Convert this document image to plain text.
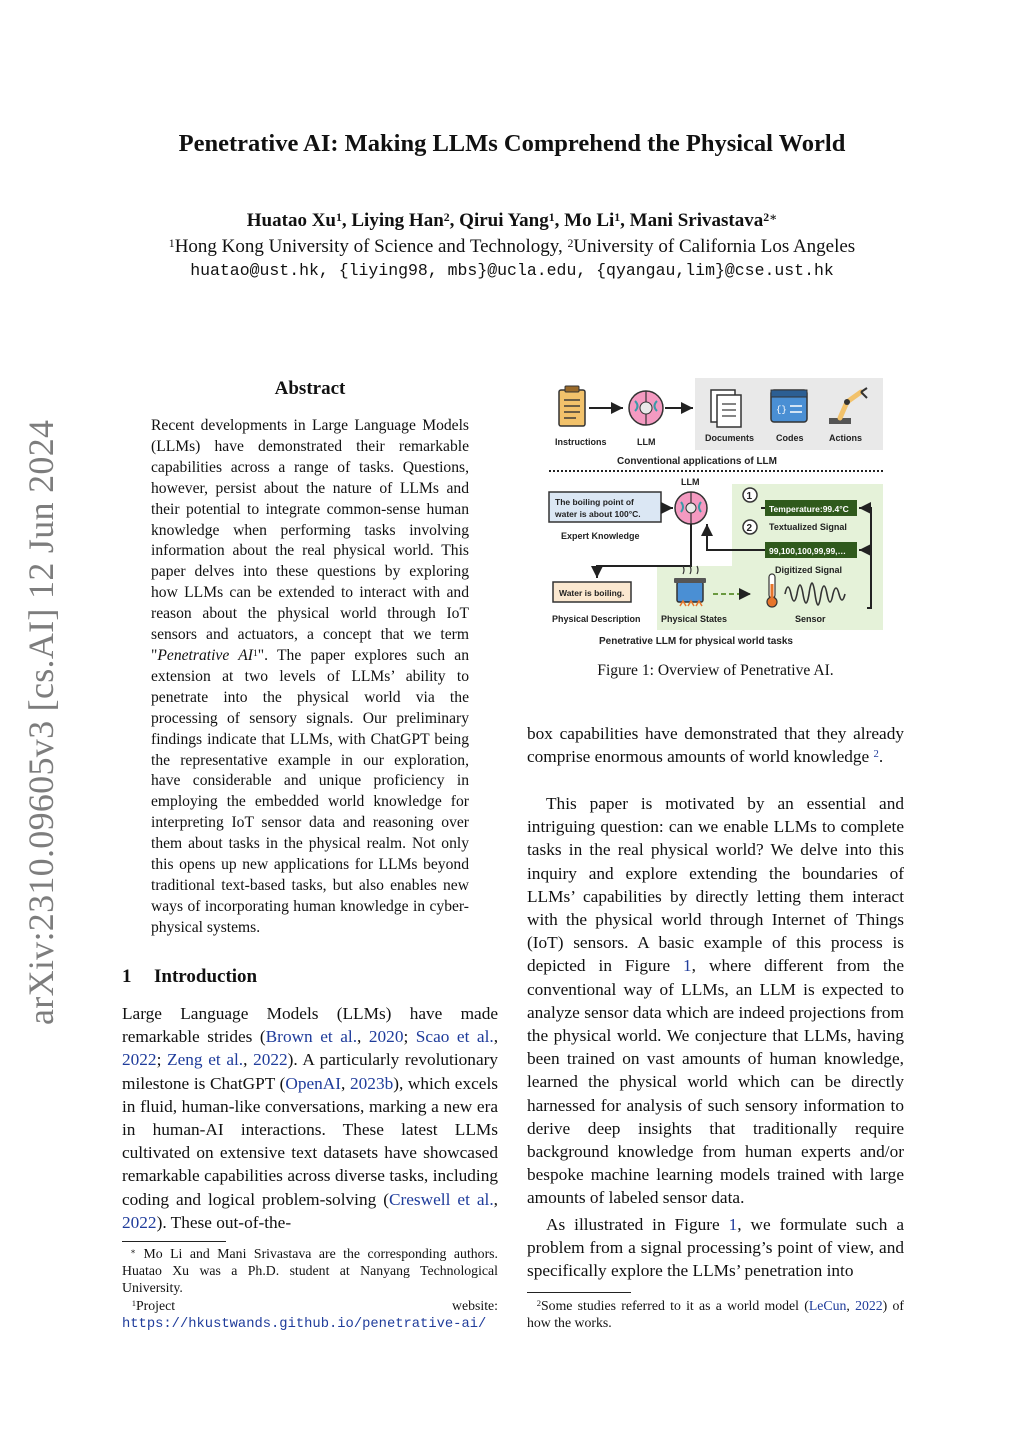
arXiv:2310.09605v3 [cs.AI] 12 Jun 2024
Penetrative AI: Making LLMs Comprehend the Physical World
Huatao Xu$^1$, Liying Han$^2$, Qirui Yang$^1$, Mo Li$^1$, Mani Srivastava$^{2∗}$
$^1$Hong Kong University of Science and Technology, $^2$University of California Los Angeles
huatao@ust.hk, {liying98, mbs}@ucla.edu, {qyangau,lim}@cse.ust.hk
Abstract
Recent developments in Large Language Models (LLMs) have demonstrated their remarkable capabilities across a range of tasks. Questions, however, persist about the nature of LLMs and their potential to integrate common-sense human knowledge when performing tasks involving information about the real physical world. This paper delves into these questions by exploring how LLMs can be extended to interact with and reason about the physical world through IoT sensors and actuators, a concept that we term "Penetrative $AI^1$". The paper explores such an extension at two levels of LLMs’ ability to penetrate into the physical world via the processing of sensory signals. Our preliminary findings indicate that LLMs, with ChatGPT being the representative example in our exploration, have considerable and unique proficiency in employing the embedded world knowledge for interpreting IoT sensor data and reasoning over them about tasks in the physical realm. Not only this opens up new applications for LLMs beyond traditional text-based tasks, but also enables new ways of incorporating human knowledge in cyber-physical systems.
1 Introduction
Large Language Models (LLMs) have made remarkable strides (Brown et al., 2020; Scao et al., 2022; Zeng et al., 2022). A particularly revolutionary milestone is ChatGPT (OpenAI, 2023b), which excels in fluid, human-like conversations, marking a new era in human-AI interactions. These latest LLMs cultivated on extensive text datasets have showcased remarkable capabilities across diverse tasks, including coding and logical problem-solving (Creswell et al., 2022). These out-of-the-
∗ Mo Li and Mani Srivastava are the corresponding authors. Huatao Xu was a Ph.D. student at Nanyang Technological University.
$^1$Project website: https://hkustwands.github.io/penetrative-ai/
Instructions	LLM	Documents
{}
Codes	Actions
Conventional applications of LLM
LLM
The boiling point of
water is about 100°C.
Expert Knowledge
1
Temperature:99.4°C
Textualized Signal
2
99,100,100,99,99,…
Digitized Signal
Water is boiling.
Physical Description Physical States	Sensor
Penetrative LLM for physical world tasks
Figure 1: Overview of Penetrative AI.
box capabilities have demonstrated that they already comprise enormous amounts of world knowledge $^2$.
This paper is motivated by an essential and intriguing question: can we enable LLMs to complete tasks in the real physical world? We delve into this inquiry and explore extending the boundaries of LLMs’ capabilities by directly letting them interact with the physical world through Internet of Things (IoT) sensors. A basic example of this process is depicted in Figure 1, where different from the conventional way of LLMs, an LLM is expected to analyze sensor data which are indeed projections from the physical world. We conjecture that LLMs, having been trained on vast amounts of human knowledge, learned the physical world which can be directly harnessed for analysis of such sensory information to derive deep insights that traditionally require background knowledge from human experts and/or bespoke machine learning models trained with large amounts of labeled sensor data.
As illustrated in Figure 1, we formulate such a problem from a signal processing’s point of view, and specifically explore the LLMs’ penetration into
$^2$Some studies referred to it as a world model (LeCun, 2022) of how the works.
